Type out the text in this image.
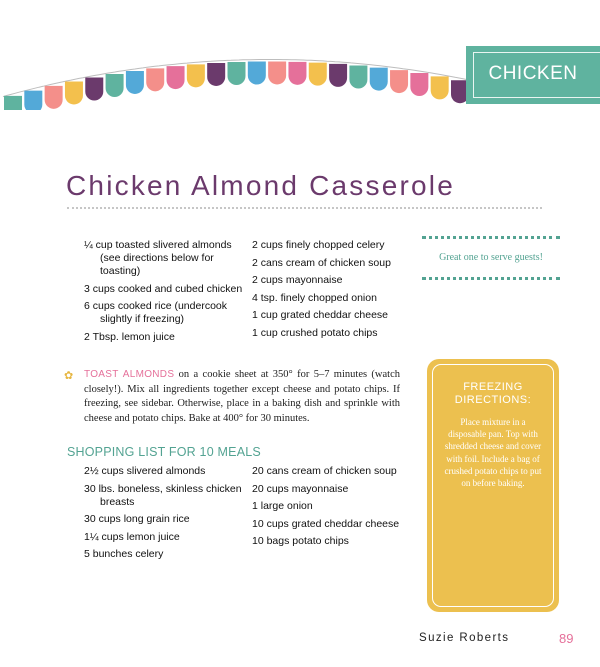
CHICKEN
Chicken Almond Casserole
¼ cup toasted slivered almonds
(see directions below for
toasting)
3 cups cooked and cubed chicken
6 cups cooked rice (undercook
slightly if freezing)
2 Tbsp. lemon juice
2 cups finely chopped celery
2 cans cream of chicken soup
2 cups mayonnaise
4 tsp. finely chopped onion
1 cup grated cheddar cheese
1 cup crushed potato chips
Great one to serve guests!
✿ TOAST ALMONDS on a cookie sheet at 350° for 5–7 minutes (watch closely!). Mix all ingredients together except cheese and potato chips. If freezing, see sidebar. Otherwise, place in a baking dish and sprinkle with cheese and potato chips. Bake at 400° for 30 minutes.
SHOPPING LIST FOR 10 MEALS
2½ cups slivered almonds
30 lbs. boneless, skinless chicken
breasts
30 cups long grain rice
1¼ cups lemon juice
5 bunches celery
20 cans cream of chicken soup
20 cups mayonnaise
1 large onion
10 cups grated cheddar cheese
10 bags potato chips
FREEZING
DIRECTIONS:
Place mixture in a disposable pan. Top with shredded cheese and cover with foil. Include a bag of crushed potato chips to put on before baking.
Suzie Roberts	89
